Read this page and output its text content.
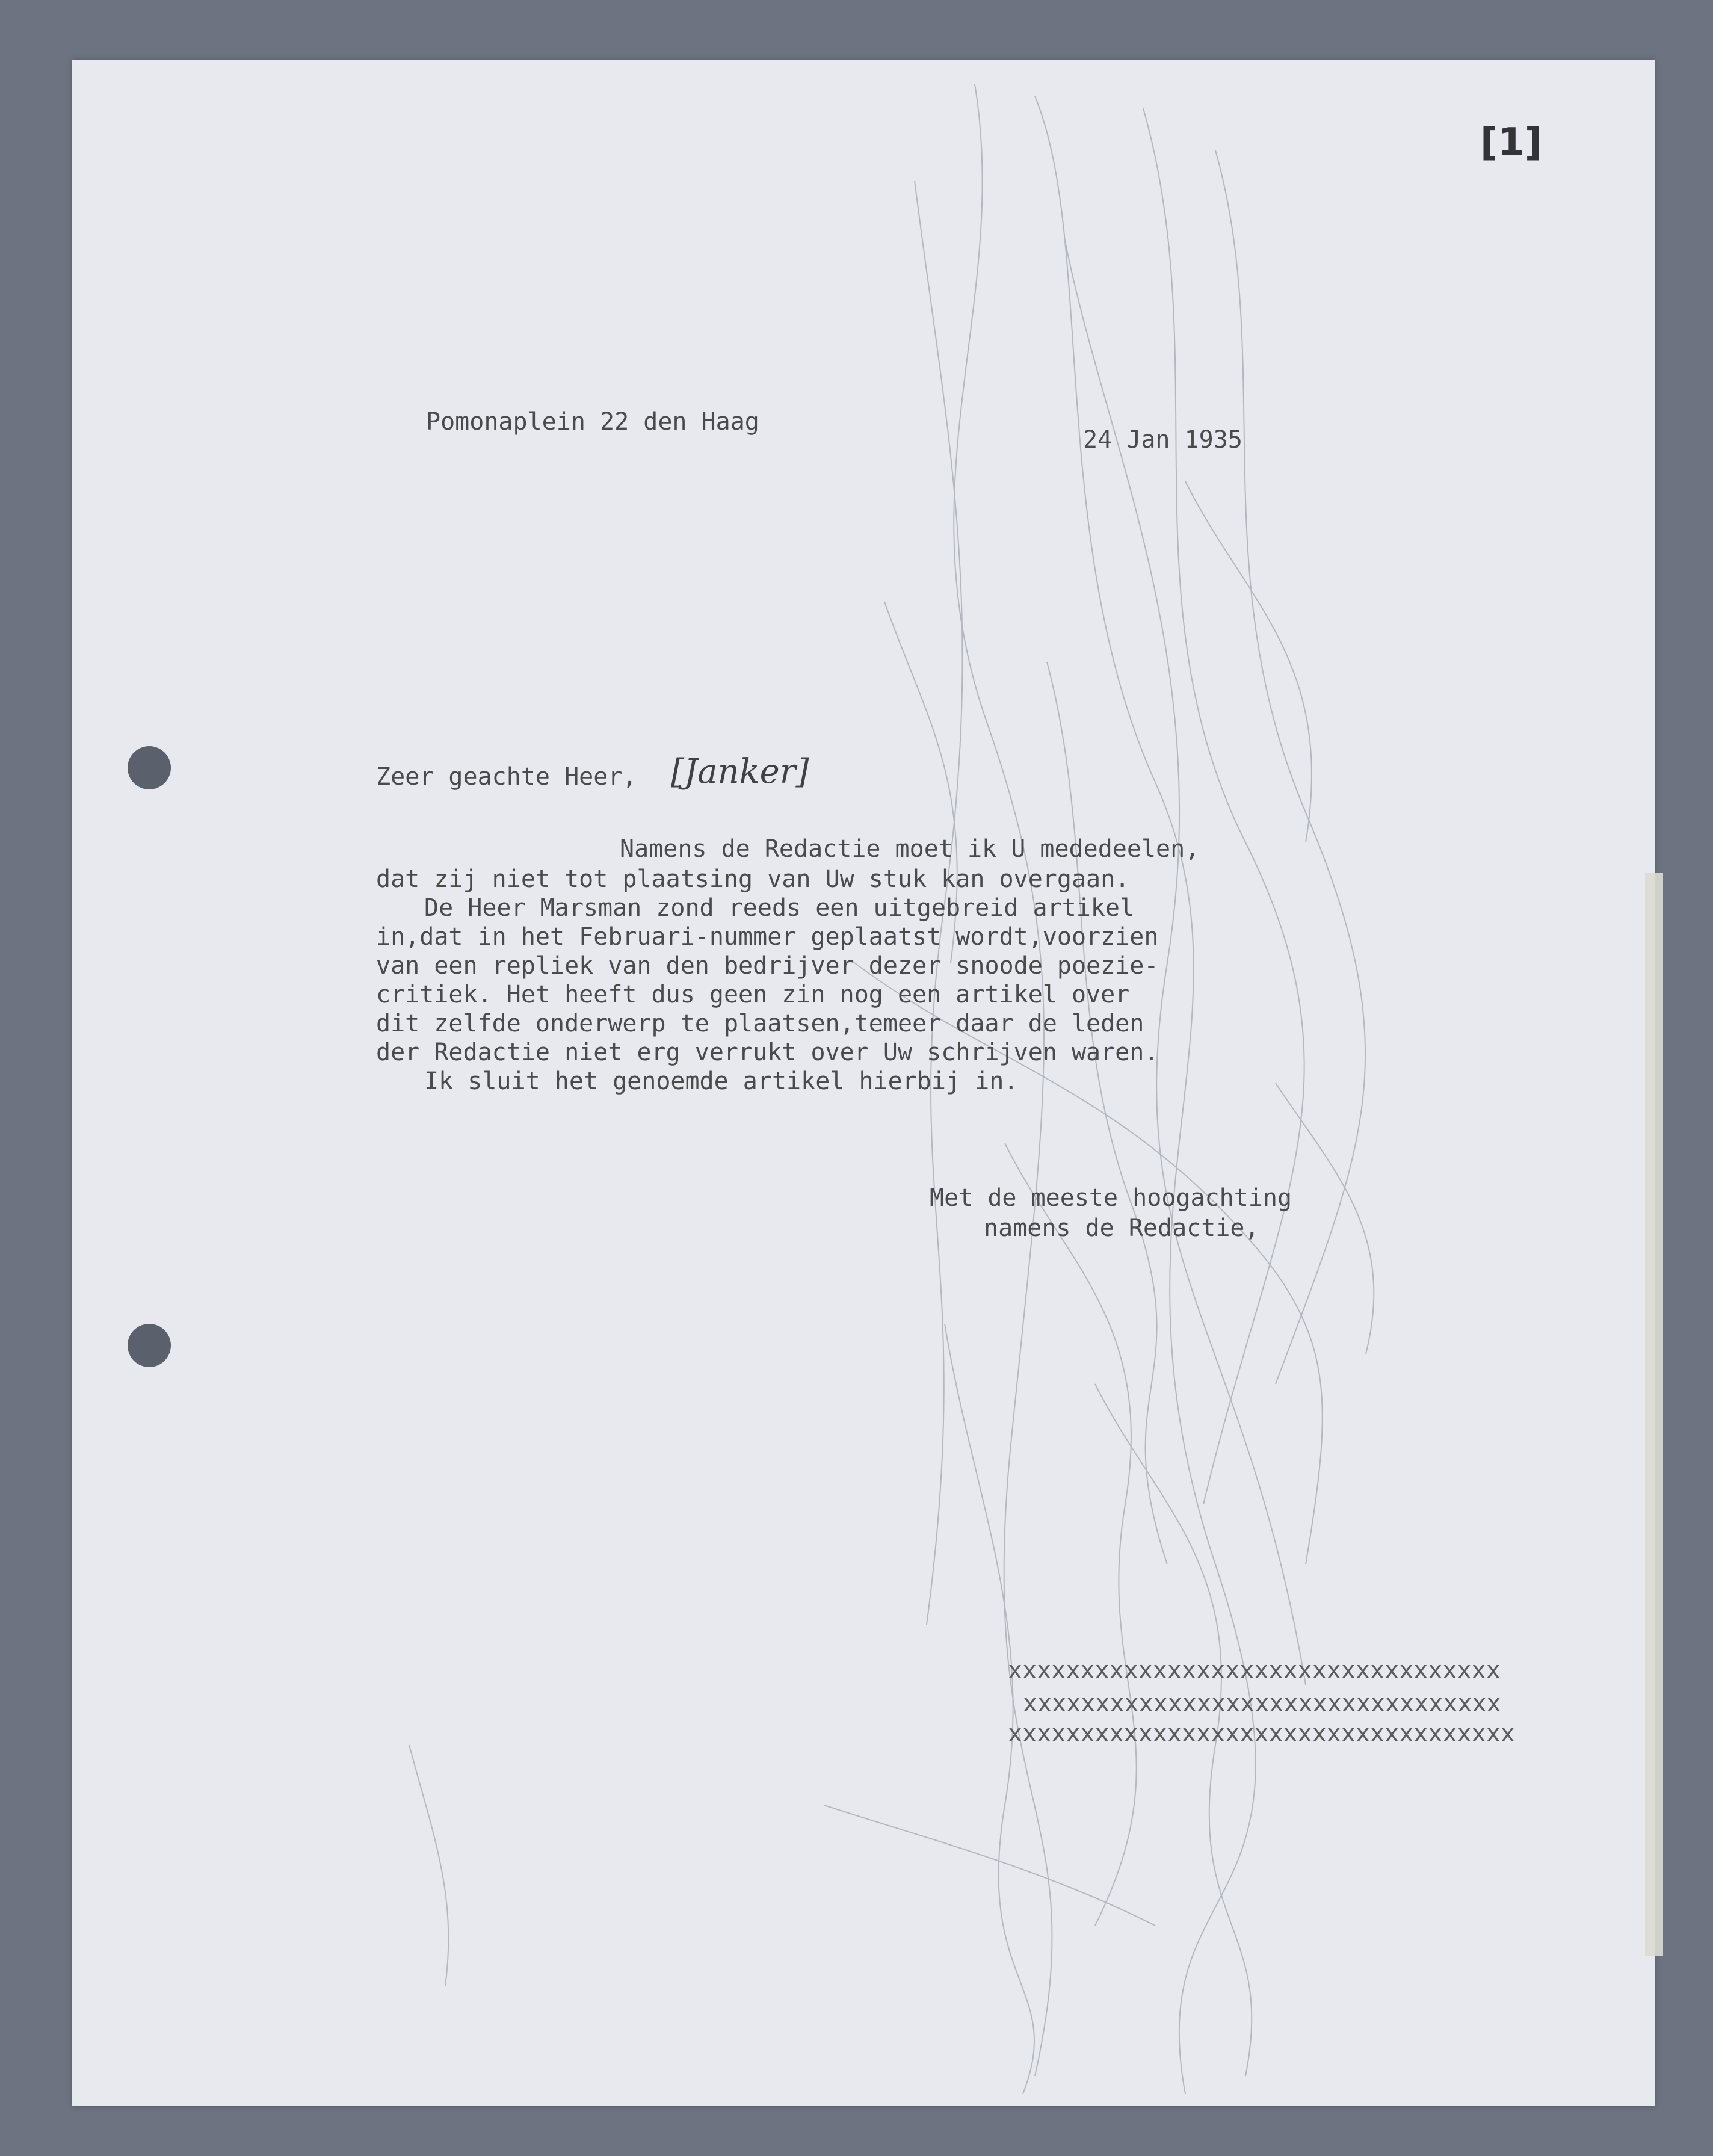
[1]
Pomonaplein 22 den Haag
24 Jan 1935
Zeer geachte Heer, [Janker]
Namens de Redactie moet ik U mededeelen,
dat zij niet tot plaatsing van Uw stuk kan overgaan.
De Heer Marsman zond reeds een uitgebreid artikel
in,dat in het Februari-nummer geplaatst wordt,voorzien
van een repliek van den bedrijver dezer snoode poezie-
critiek. Het heeft dus geen zin nog een artikel over
dit zelfde onderwerp te plaatsen,temeer daar de leden
der Redactie niet erg verrukt over Uw schrijven waren.
Ik sluit het genoemde artikel hierbij in.
Met de meeste hoogachting
namens de Redactie,
xxxxxxxxxxxxxxxxxxxxxxxxxxxxxxxxxx
xxxxxxxxxxxxxxxxxxxxxxxxxxxxxxxxx
xxxxxxxxxxxxxxxxxxxxxxxxxxxxxxxxxxx
